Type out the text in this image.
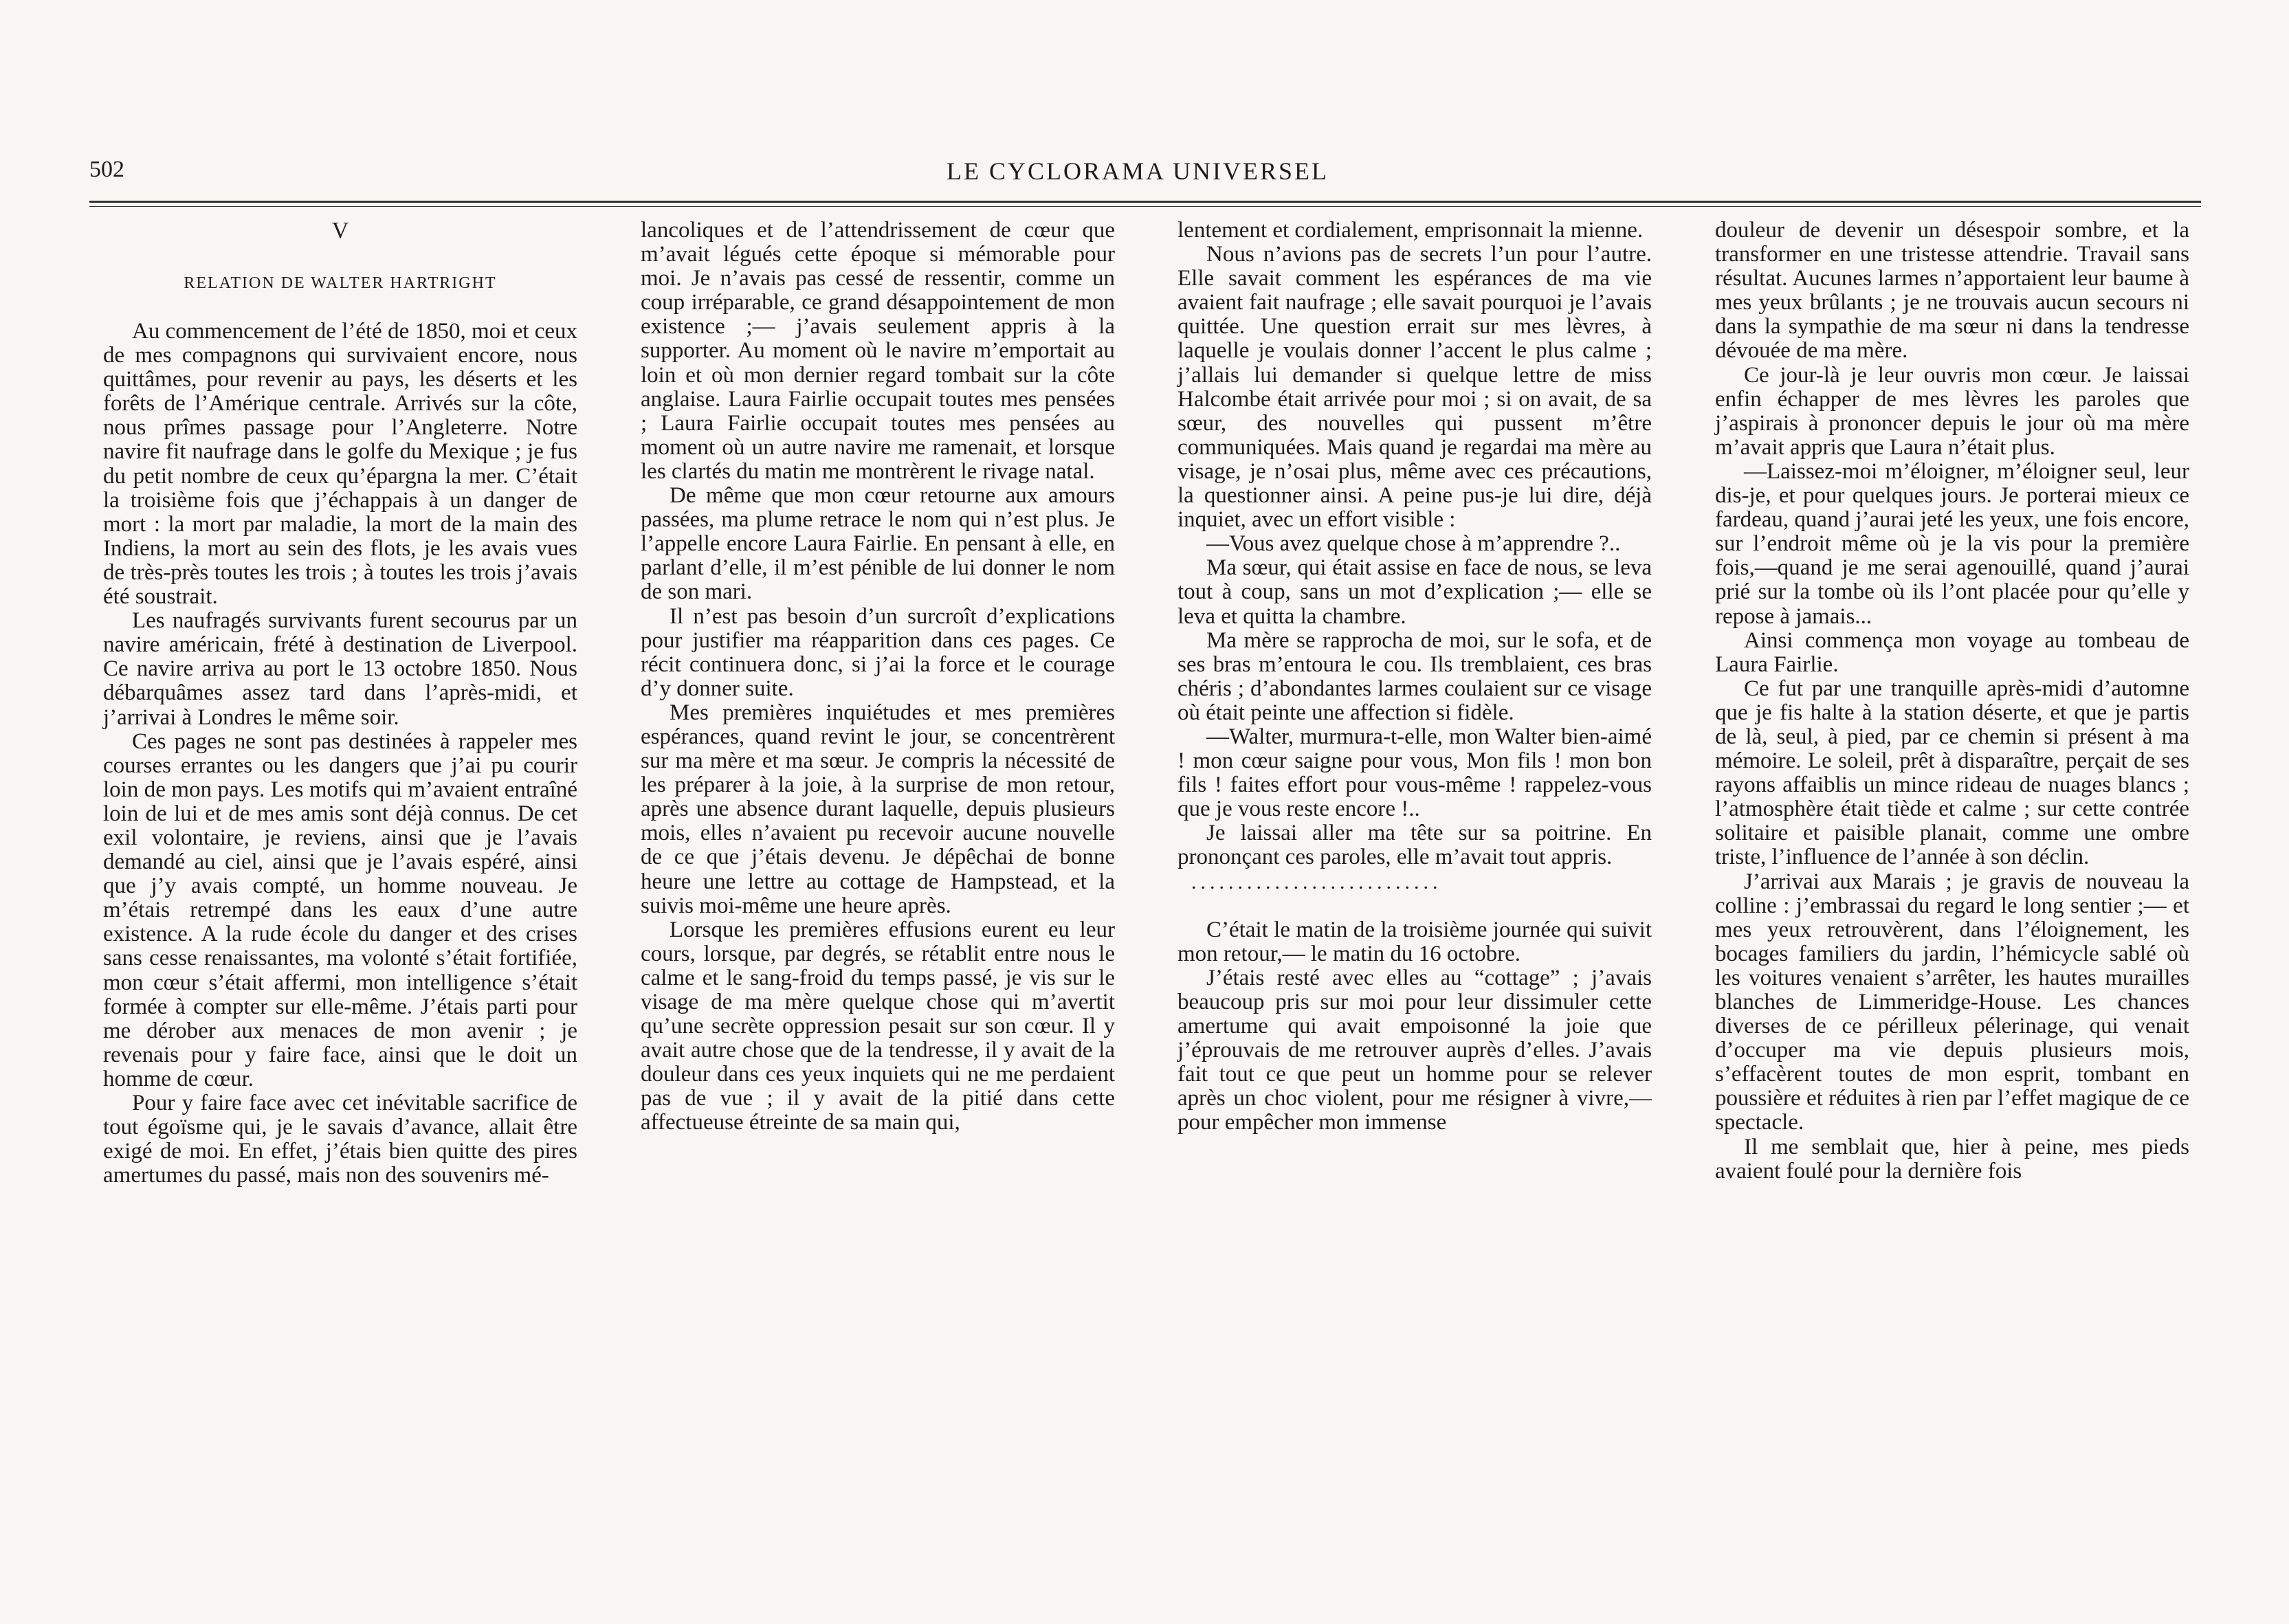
502	LE CYCLORAMA UNIVERSEL
V
RELATION DE WALTER HARTRIGHT

Au commencement de l’été de 1850, moi et ceux de mes compagnons qui survivaient encore, nous quittâmes, pour revenir au pays, les déserts et les forêts de l’Amérique centrale. Arrivés sur la côte, nous prîmes passage pour l’Angleterre. Notre navire fit naufrage dans le golfe du Mexique ; je fus du petit nombre de ceux qu’épargna la mer. C’était la troisième fois que j’échappais à un danger de mort : la mort par maladie, la mort de la main des Indiens, la mort au sein des flots, je les avais vues de très-près toutes les trois ; à toutes les trois j’avais été soustrait.

Les naufragés survivants furent secourus par un navire américain, frété à destination de Liverpool. Ce navire arriva au port le 13 octobre 1850. Nous débarquâmes assez tard dans l’après-midi, et j’arrivai à Londres le même soir.

Ces pages ne sont pas destinées à rappeler mes courses errantes ou les dangers que j’ai pu courir loin de mon pays. Les motifs qui m’avaient entraîné loin de lui et de mes amis sont déjà connus. De cet exil volontaire, je reviens, ainsi que je l’avais demandé au ciel, ainsi que je l’avais espéré, ainsi que j’y avais compté, un homme nouveau. Je m’étais retrempé dans les eaux d’une autre existence. A la rude école du danger et des crises sans cesse renaissantes, ma volonté s’était fortifiée, mon cœur s’était affermi, mon intelligence s’était formée à compter sur elle-même. J’étais parti pour me dérober aux menaces de mon avenir ; je revenais pour y faire face, ainsi que le doit un homme de cœur.

Pour y faire face avec cet inévitable sacrifice de tout égoïsme qui, je le savais d’avance, allait être exigé de moi. En effet, j’étais bien quitte des pires amertumes du passé, mais non des souvenirs mé-

lancoliques et de l’attendrissement de cœur que m’avait légués cette époque si mémorable pour moi. Je n’avais pas cessé de ressentir, comme un coup irréparable, ce grand désappointement de mon existence ;— j’avais seulement appris à la supporter. Au moment où le navire m’emportait au loin et où mon dernier regard tombait sur la côte anglaise. Laura Fairlie occupait toutes mes pensées ; Laura Fairlie occupait toutes mes pensées au moment où un autre navire me ramenait, et lorsque les clartés du matin me montrèrent le rivage natal.

De même que mon cœur retourne aux amours passées, ma plume retrace le nom qui n’est plus. Je l’appelle encore Laura Fairlie. En pensant à elle, en parlant d’elle, il m’est pénible de lui donner le nom de son mari.

Il n’est pas besoin d’un surcroît d’explications pour justifier ma réapparition dans ces pages. Ce récit continuera donc, si j’ai la force et le courage d’y donner suite.

Mes premières inquiétudes et mes premières espérances, quand revint le jour, se concentrèrent sur ma mère et ma sœur. Je compris la nécessité de les préparer à la joie, à la surprise de mon retour, après une absence durant laquelle, depuis plusieurs mois, elles n’avaient pu recevoir aucune nouvelle de ce que j’étais devenu. Je dépêchai de bonne heure une lettre au cottage de Hampstead, et la suivis moi-même une heure après.

Lorsque les premières effusions eurent eu leur cours, lorsque, par degrés, se rétablit entre nous le calme et le sang-froid du temps passé, je vis sur le visage de ma mère quelque chose qui m’avertit qu’une secrète oppression pesait sur son cœur. Il y avait autre chose que de la tendresse, il y avait de la douleur dans ces yeux inquiets qui ne me perdaient pas de vue ; il y avait de la pitié dans cette affectueuse étreinte de sa main qui,

lentement et cordialement, emprisonnait la mienne.

Nous n’avions pas de secrets l’un pour l’autre. Elle savait comment les espérances de ma vie avaient fait naufrage ; elle savait pourquoi je l’avais quittée. Une question errait sur mes lèvres, à laquelle je voulais donner l’accent le plus calme ; j’allais lui demander si quelque lettre de miss Halcombe était arrivée pour moi ; si on avait, de sa sœur, des nouvelles qui pussent m’être communiquées. Mais quand je regardai ma mère au visage, je n’osai plus, même avec ces précautions, la questionner ainsi. A peine pus-je lui dire, déjà inquiet, avec un effort visible :

—Vous avez quelque chose à m’apprendre ?..

Ma sœur, qui était assise en face de nous, se leva tout à coup, sans un mot d’explication ;— elle se leva et quitta la chambre.

Ma mère se rapprocha de moi, sur le sofa, et de ses bras m’entoura le cou. Ils tremblaient, ces bras chéris ; d’abondantes larmes coulaient sur ce visage où était peinte une affection si fidèle.

—Walter, murmura-t-elle, mon Walter bien-aimé ! mon cœur saigne pour vous, Mon fils ! mon bon fils ! faites effort pour vous-même ! rappelez-vous que je vous reste encore !..

Je laissai aller ma tête sur sa poitrine. En prononçant ces paroles, elle m’avait tout appris.

...........................

C’était le matin de la troisième journée qui suivit mon retour,— le matin du 16 octobre.

J’étais resté avec elles au “cottage” ; j’avais beaucoup pris sur moi pour leur dissimuler cette amertume qui avait empoisonné la joie que j’éprouvais de me retrouver auprès d’elles. J’avais fait tout ce que peut un homme pour se relever après un choc violent, pour me résigner à vivre,— pour empêcher mon immense

douleur de devenir un désespoir sombre, et la transformer en une tristesse attendrie. Travail sans résultat. Aucunes larmes n’apportaient leur baume à mes yeux brûlants ; je ne trouvais aucun secours ni dans la sympathie de ma sœur ni dans la tendresse dévouée de ma mère.

Ce jour-là je leur ouvris mon cœur. Je laissai enfin échapper de mes lèvres les paroles que j’aspirais à prononcer depuis le jour où ma mère m’avait appris que Laura n’était plus.

—Laissez-moi m’éloigner, m’éloigner seul, leur dis-je, et pour quelques jours. Je porterai mieux ce fardeau, quand j’aurai jeté les yeux, une fois encore, sur l’endroit même où je la vis pour la première fois,—quand je me serai agenouillé, quand j’aurai prié sur la tombe où ils l’ont placée pour qu’elle y repose à jamais...

Ainsi commença mon voyage au tombeau de Laura Fairlie.

Ce fut par une tranquille après-midi d’automne que je fis halte à la station déserte, et que je partis de là, seul, à pied, par ce chemin si présent à ma mémoire. Le soleil, prêt à disparaître, perçait de ses rayons affaiblis un mince rideau de nuages blancs ; l’atmosphère était tiède et calme ; sur cette contrée solitaire et paisible planait, comme une ombre triste, l’influence de l’année à son déclin.

J’arrivai aux Marais ; je gravis de nouveau la colline : j’embrassai du regard le long sentier ;— et mes yeux retrouvèrent, dans l’éloignement, les bocages familiers du jardin, l’hémicycle sablé où les voitures venaient s’arrêter, les hautes murailles blanches de Limmeridge-House. Les chances diverses de ce périlleux pélerinage, qui venait d’occuper ma vie depuis plusieurs mois, s’effacèrent toutes de mon esprit, tombant en poussière et réduites à rien par l’effet magique de ce spectacle.

Il me semblait que, hier à peine, mes pieds avaient foulé pour la dernière fois
